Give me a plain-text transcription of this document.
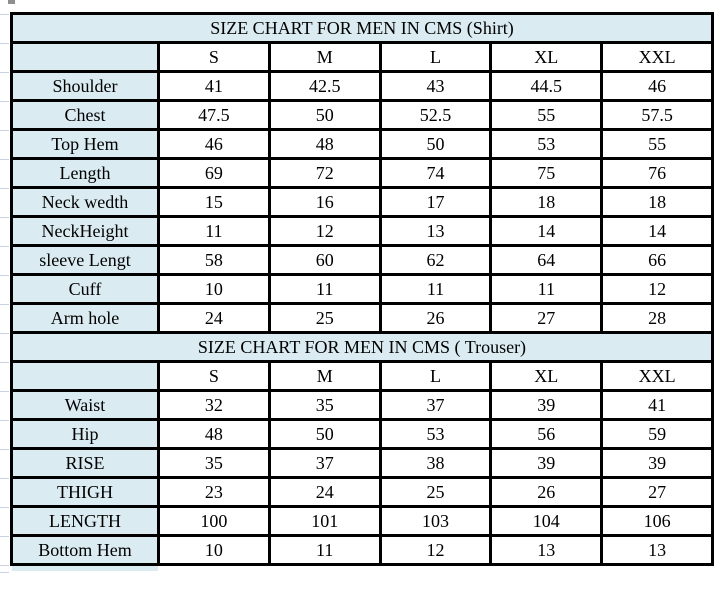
SIZE CHART FOR MEN IN CMS (Shirt)					
	S	M	L	XL	XXL
Shoulder	41	42.5	43	44.5	46
Chest	47.5	50	52.5	55	57.5
Top Hem	46	48	50	53	55
Length	69	72	74	75	76
Neck wedth	15	16	17	18	18
NeckHeight	11	12	13	14	14
sleeve Lengt	58	60	62	64	66
Cuff	10	11	11	11	12
Arm hole	24	25	26	27	28
SIZE CHART FOR MEN IN CMS ( Trouser)					
	S	M	L	XL	XXL
Waist	32	35	37	39	41
Hip	48	50	53	56	59
RISE	35	37	38	39	39
THIGH	23	24	25	26	27
LENGTH	100	101	103	104	106
Bottom Hem	10	11	12	13	13
